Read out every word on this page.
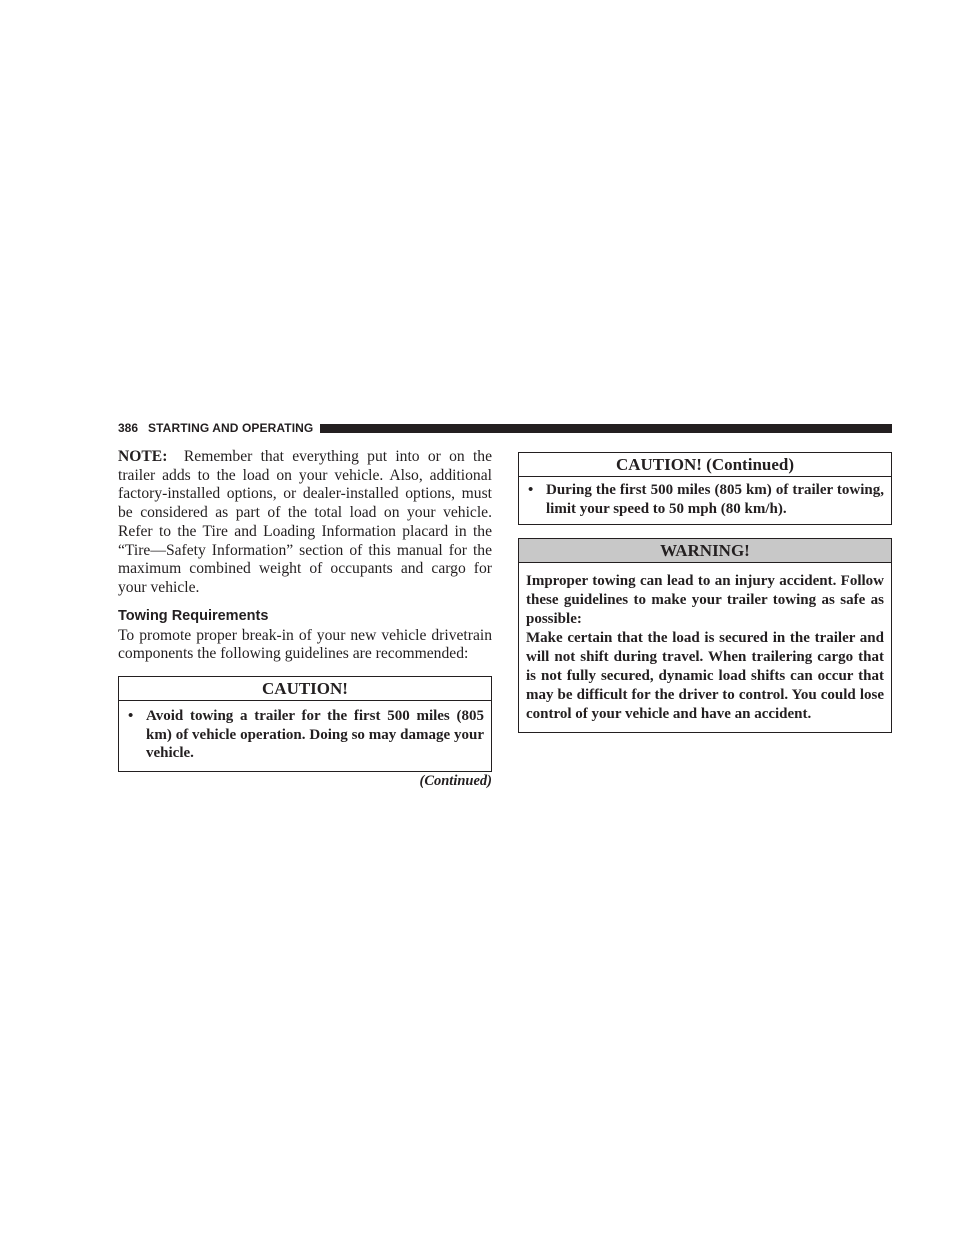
386 STARTING AND OPERATING

NOTE: Remember that everything put into or on the trailer adds to the load on your vehicle. Also, additional factory-installed options, or dealer-installed options, must be considered as part of the total load on your vehicle. Refer to the Tire and Loading Information placard in the “Tire—Safety Information” section of this manual for the maximum combined weight of occupants and cargo for your vehicle.

Towing Requirements

To promote proper break-in of your new vehicle drivetrain components the following guidelines are recommended:

CAUTION!
• Avoid towing a trailer for the first 500 miles (805 km) of vehicle operation. Doing so may damage your vehicle.
(Continued)
CAUTION! (Continued)
• During the first 500 miles (805 km) of trailer towing, limit your speed to 50 mph (80 km/h).
WARNING!

Improper towing can lead to an injury accident. Follow these guidelines to make your trailer towing as safe as possible:

Make certain that the load is secured in the trailer and will not shift during travel. When trailering cargo that is not fully secured, dynamic load shifts can occur that may be difficult for the driver to control. You could lose control of your vehicle and have an accident.
